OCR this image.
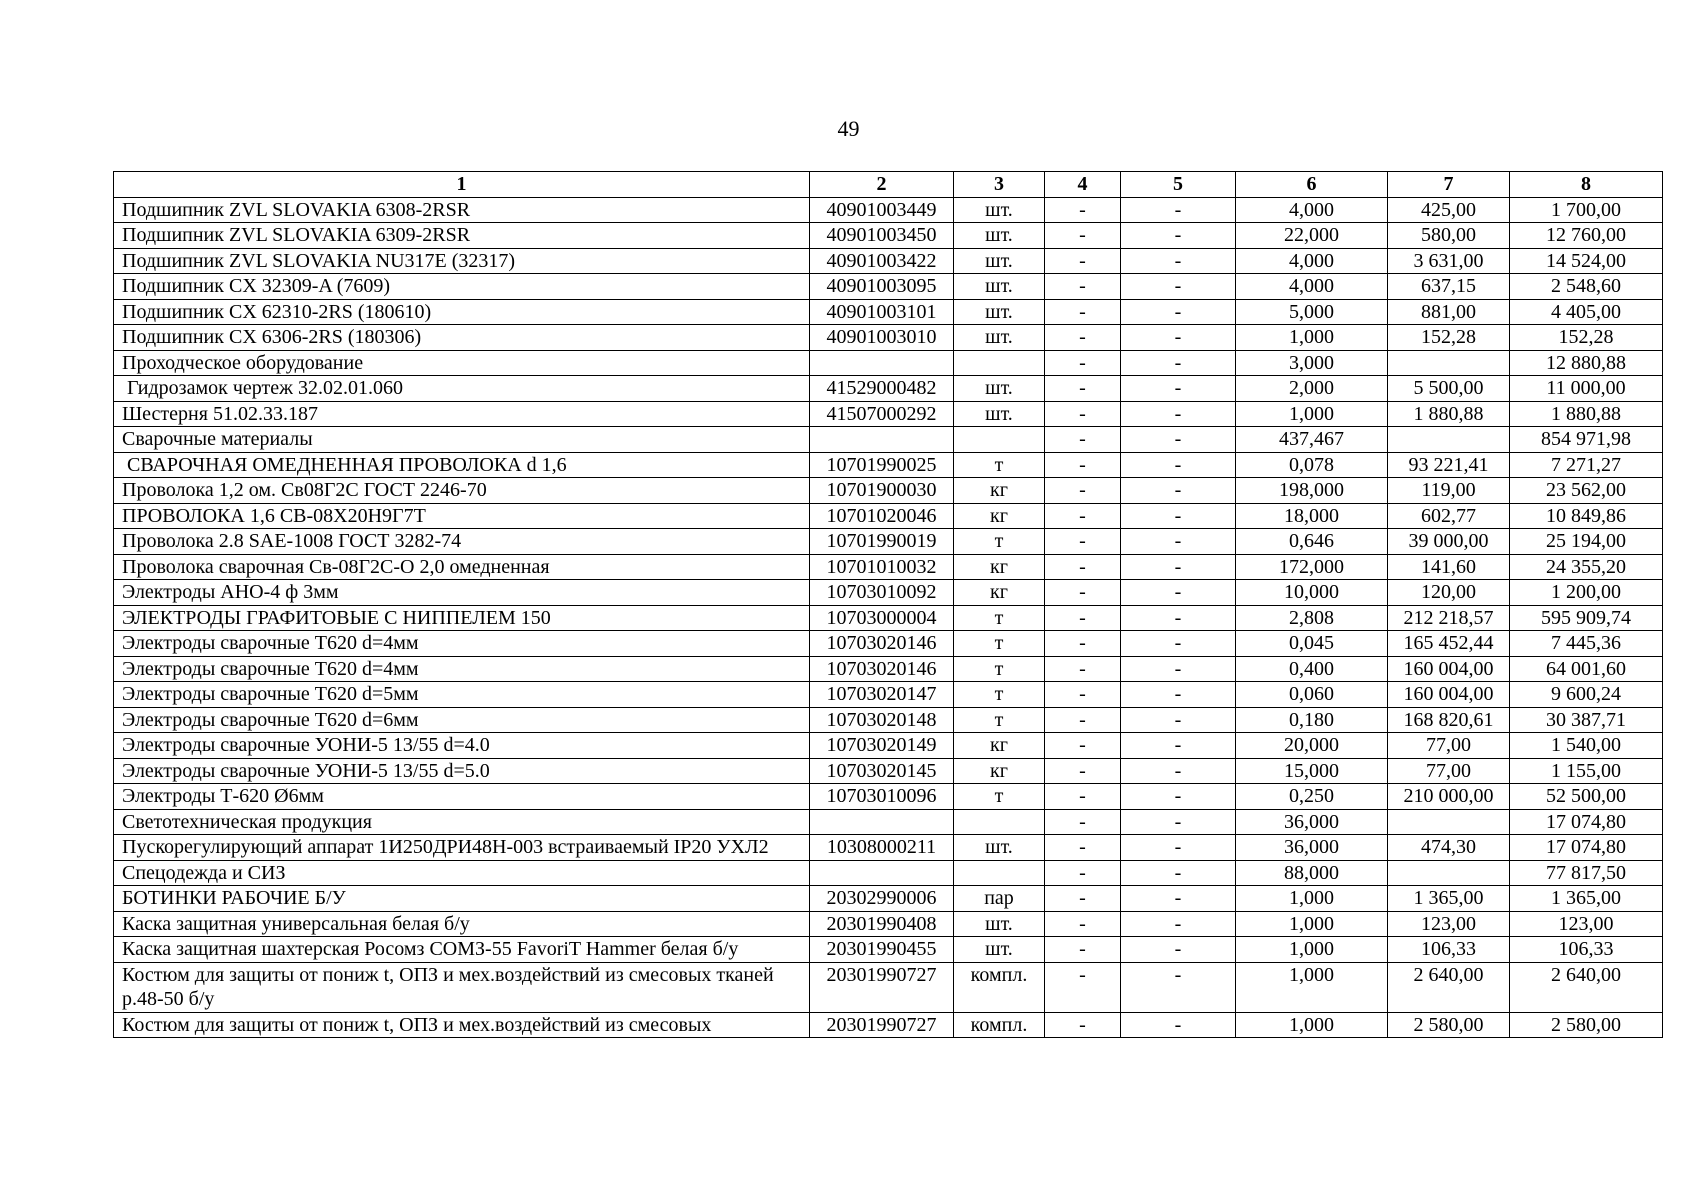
49
1	2	3	4	5	6	7	8
Подшипник ZVL SLOVAKIA 6308-2RSR	40901003449	шт.	-	-	4,000	425,00	1 700,00
Подшипник ZVL SLOVAKIA 6309-2RSR	40901003450	шт.	-	-	22,000	580,00	12 760,00
Подшипник ZVL SLOVAKIA NU317E (32317)	40901003422	шт.	-	-	4,000	3 631,00	14 524,00
Подшипник CX 32309-A (7609)	40901003095	шт.	-	-	4,000	637,15	2 548,60
Подшипник CX 62310-2RS (180610)	40901003101	шт.	-	-	5,000	881,00	4 405,00
Подшипник CX 6306-2RS (180306)	40901003010	шт.	-	-	1,000	152,28	152,28
Проходческое оборудование			-	-	3,000		12 880,88
Гидрозамок чертеж 32.02.01.060	41529000482	шт.	-	-	2,000	5 500,00	11 000,00
Шестерня 51.02.33.187	41507000292	шт.	-	-	1,000	1 880,88	1 880,88
Сварочные материалы			-	-	437,467		854 971,98
СВАРОЧНАЯ ОМЕДНЕННАЯ ПРОВОЛОКА d 1,6	10701990025	т	-	-	0,078	93 221,41	7 271,27
Проволока 1,2 ом. Св08Г2С ГОСТ 2246-70	10701900030	кг	-	-	198,000	119,00	23 562,00
ПРОВОЛОКА 1,6 СВ-08Х20Н9Г7Т	10701020046	кг	-	-	18,000	602,77	10 849,86
Проволока 2.8 SAE-1008 ГОСТ 3282-74	10701990019	т	-	-	0,646	39 000,00	25 194,00
Проволока сварочная Св-08Г2С-О 2,0 омедненная	10701010032	кг	-	-	172,000	141,60	24 355,20
Электроды АНО-4 ф 3мм	10703010092	кг	-	-	10,000	120,00	1 200,00
ЭЛЕКТРОДЫ ГРАФИТОВЫЕ С НИППЕЛЕМ 150	10703000004	т	-	-	2,808	212 218,57	595 909,74
Электроды сварочные Т620 d=4мм	10703020146	т	-	-	0,045	165 452,44	7 445,36
Электроды сварочные Т620 d=4мм	10703020146	т	-	-	0,400	160 004,00	64 001,60
Электроды сварочные Т620 d=5мм	10703020147	т	-	-	0,060	160 004,00	9 600,24
Электроды сварочные Т620 d=6мм	10703020148	т	-	-	0,180	168 820,61	30 387,71
Электроды сварочные УОНИ-5 13/55 d=4.0	10703020149	кг	-	-	20,000	77,00	1 540,00
Электроды сварочные УОНИ-5 13/55 d=5.0	10703020145	кг	-	-	15,000	77,00	1 155,00
Электроды Т-620 Ø6мм	10703010096	т	-	-	0,250	210 000,00	52 500,00
Светотехническая продукция			-	-	36,000		17 074,80
Пускорегулирующий аппарат 1И250ДРИ48Н-003 встраиваемый IP20 УХЛ2	10308000211	шт.	-	-	36,000	474,30	17 074,80
Спецодежда и СИЗ			-	-	88,000		77 817,50
БОТИНКИ РАБОЧИЕ Б/У	20302990006	пар	-	-	1,000	1 365,00	1 365,00
Каска защитная универсальная белая б/у	20301990408	шт.	-	-	1,000	123,00	123,00
Каска защитная шахтерская Росомз СОМЗ-55 FavoriT Hammer белая б/у	20301990455	шт.	-	-	1,000	106,33	106,33
Костюм для защиты от пониж t, ОПЗ и мех.воздействий из смесовых тканей р.48-50 б/у	20301990727	компл.	-	-	1,000	2 640,00	2 640,00
Костюм для защиты от пониж t, ОПЗ и мех.воздействий из смесовых	20301990727	компл.	-	-	1,000	2 580,00	2 580,00
